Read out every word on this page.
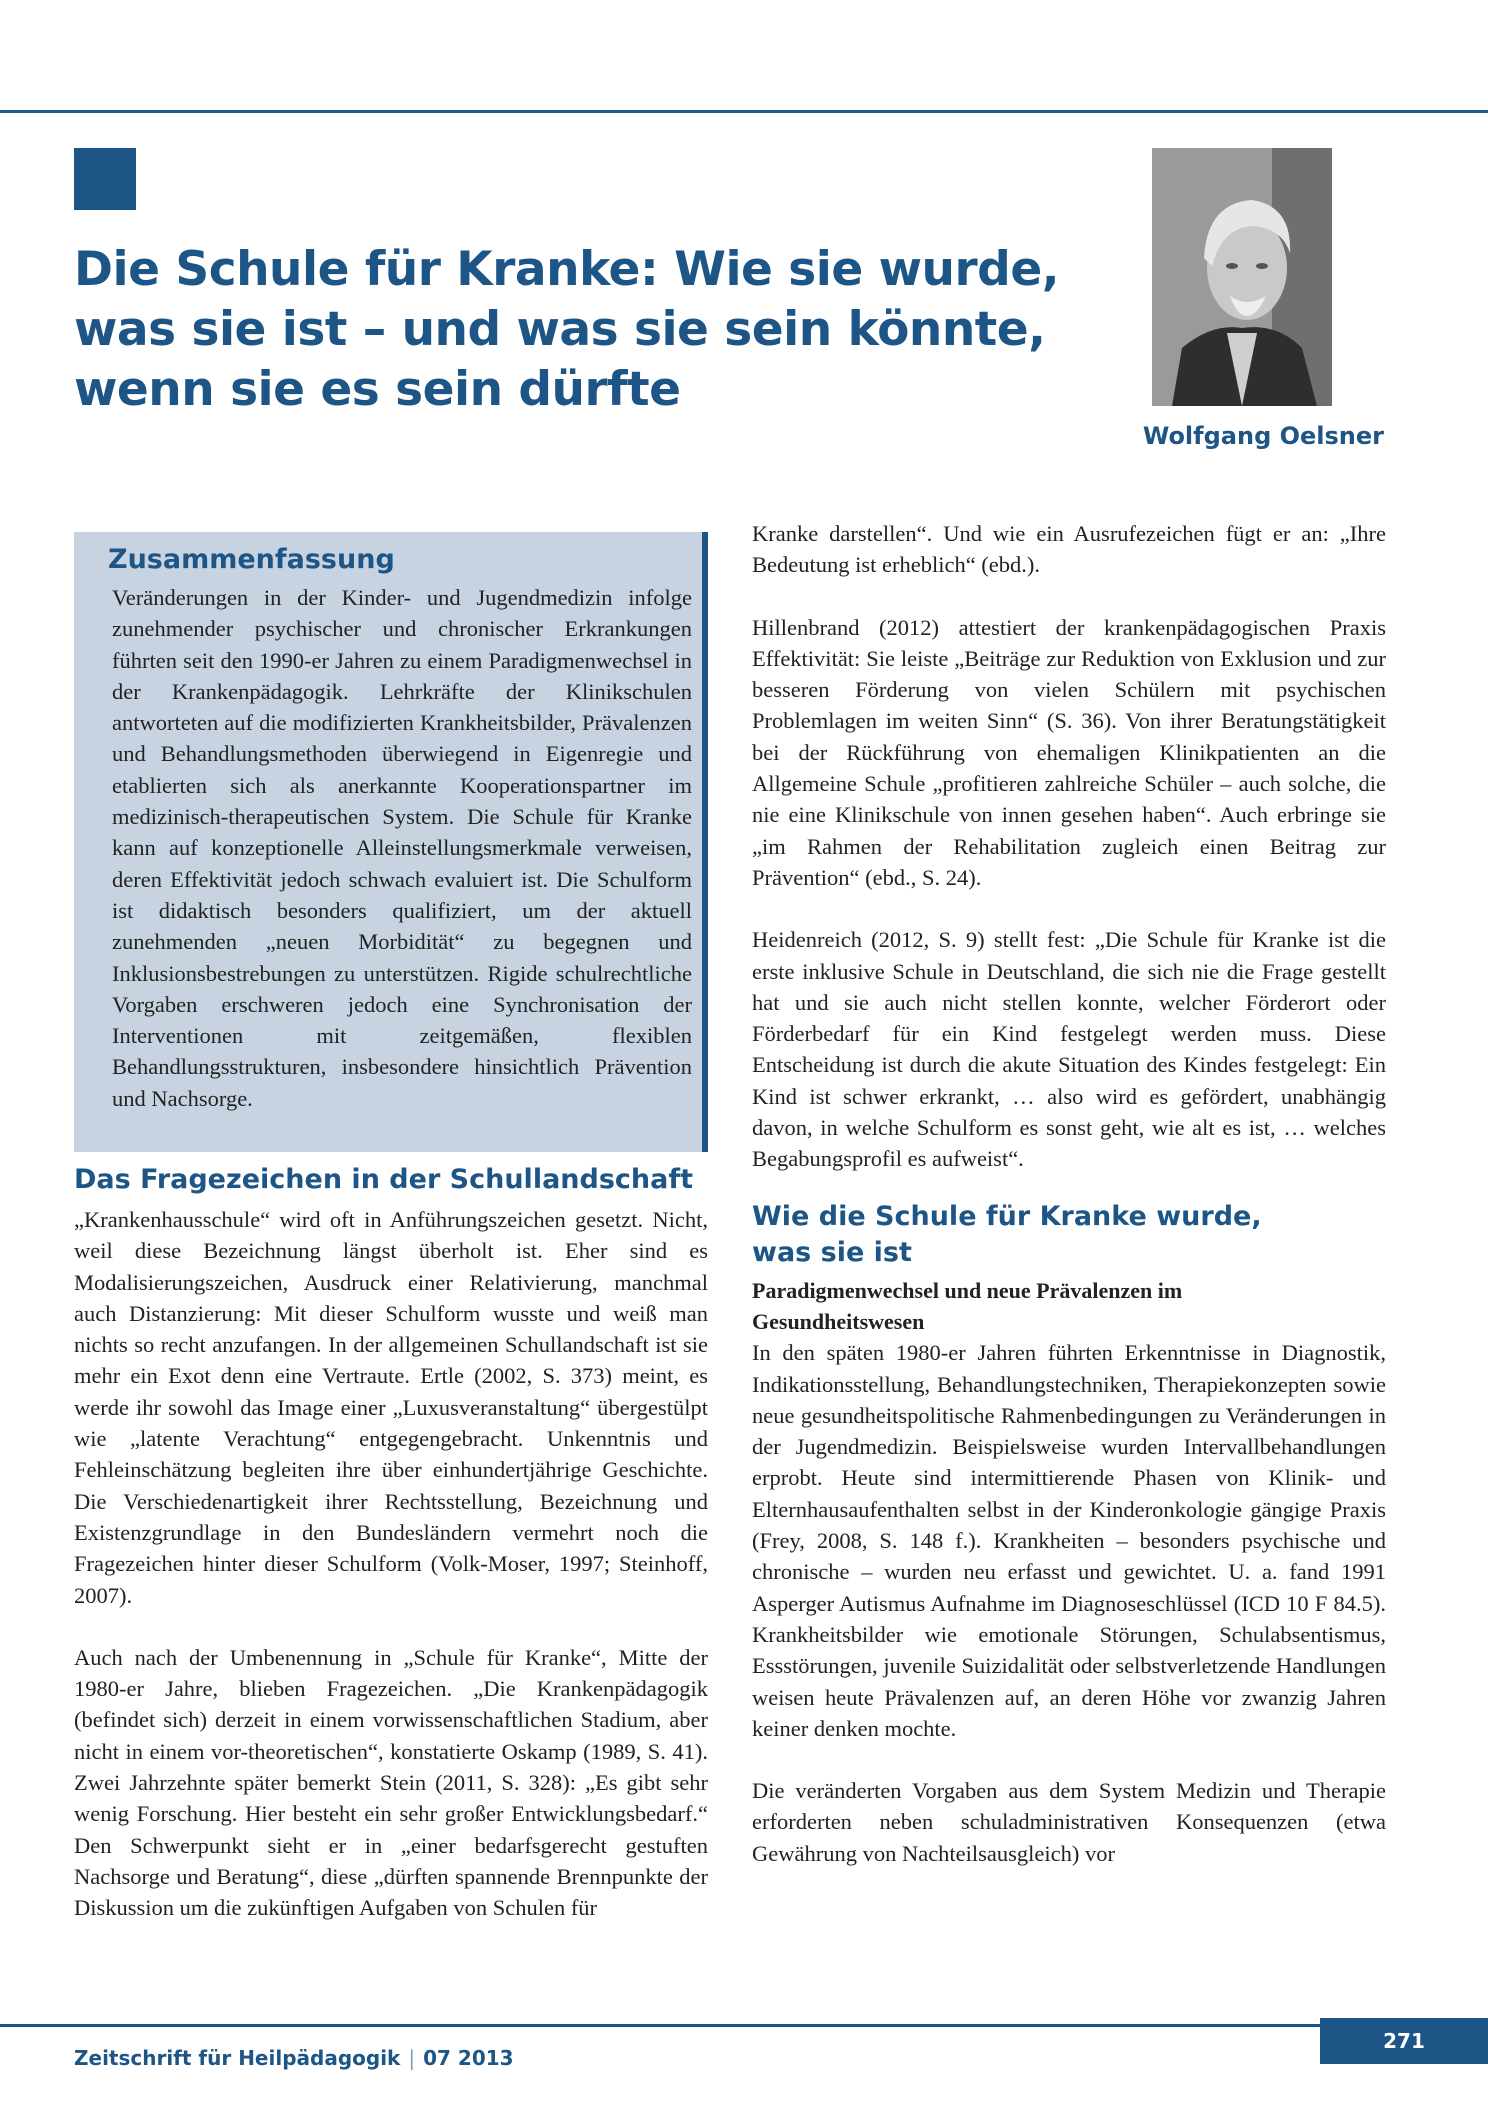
Die Schule für Kranke: Wie sie wurde,
was sie ist – und was sie sein könnte,
wenn sie es sein dürfte
Wolfgang Oelsner
Zusammenfassung

Veränderungen in der Kinder- und Jugendmedizin infolge zunehmender psychischer und chronischer Erkrankungen führten seit den 1990-er Jahren zu einem Paradigmenwechsel in der Krankenpädagogik. Lehrkräfte der Klinikschulen antworteten auf die modifizierten Krankheitsbilder, Prävalenzen und Behandlungsmethoden überwiegend in Eigenregie und etablierten sich als anerkannte Kooperationspartner im medizinisch-therapeutischen System. Die Schule für Kranke kann auf konzeptionelle Alleinstellungsmerkmale verweisen, deren Effektivität jedoch schwach evaluiert ist. Die Schulform ist didaktisch besonders qualifiziert, um der aktuell zunehmenden „neuen Morbidität“ zu begegnen und Inklusionsbestrebungen zu unterstützen. Rigide schulrechtliche Vorgaben erschweren jedoch eine Synchronisation der Interventionen mit zeitgemäßen, flexiblen Behandlungsstrukturen, insbesondere hinsichtlich Prävention und Nachsorge.

Das Fragezeichen in der Schullandschaft

„Krankenhausschule“ wird oft in Anführungszeichen gesetzt. Nicht, weil diese Bezeichnung längst überholt ist. Eher sind es Modalisierungszeichen, Ausdruck einer Relativierung, manchmal auch Distanzierung: Mit dieser Schulform wusste und weiß man nichts so recht anzufangen. In der allgemeinen Schullandschaft ist sie mehr ein Exot denn eine Vertraute. Ertle (2002, S. 373) meint, es werde ihr sowohl das Image einer „Luxusveranstaltung“ übergestülpt wie „latente Verachtung“ entgegengebracht. Unkenntnis und Fehleinschätzung begleiten ihre über einhundertjährige Geschichte. Die Verschiedenartigkeit ihrer Rechtsstellung, Bezeichnung und Existenzgrundlage in den Bundesländern vermehrt noch die Fragezeichen hinter dieser Schulform (Volk-Moser, 1997; Steinhoff, 2007).

Auch nach der Umbenennung in „Schule für Kranke“, Mitte der 1980-er Jahre, blieben Fragezeichen. „Die Krankenpädagogik (befindet sich) derzeit in einem vorwissenschaftlichen Stadium, aber nicht in einem vor-theoretischen“, konstatierte Oskamp (1989, S. 41). Zwei Jahrzehnte später bemerkt Stein (2011, S. 328): „Es gibt sehr wenig Forschung. Hier besteht ein sehr großer Entwicklungsbedarf.“ Den Schwerpunkt sieht er in „einer bedarfsgerecht gestuften Nachsorge und Beratung“, diese „dürften spannende Brennpunkte der Diskussion um die zukünftigen Aufgaben von Schulen für

Kranke darstellen“. Und wie ein Ausrufezeichen fügt er an: „Ihre Bedeutung ist erheblich“ (ebd.).

Hillenbrand (2012) attestiert der krankenpädagogischen Praxis Effektivität: Sie leiste „Beiträge zur Reduktion von Exklusion und zur besseren Förderung von vielen Schülern mit psychischen Problemlagen im weiten Sinn“ (S. 36). Von ihrer Beratungstätigkeit bei der Rückführung von ehemaligen Klinikpatienten an die Allgemeine Schule „profitieren zahlreiche Schüler – auch solche, die nie eine Klinikschule von innen gesehen haben“. Auch erbringe sie „im Rahmen der Rehabilitation zugleich einen Beitrag zur Prävention“ (ebd., S. 24).

Heidenreich (2012, S. 9) stellt fest: „Die Schule für Kranke ist die erste inklusive Schule in Deutschland, die sich nie die Frage gestellt hat und sie auch nicht stellen konnte, welcher Förderort oder Förderbedarf für ein Kind festgelegt werden muss. Diese Entscheidung ist durch die akute Situation des Kindes festgelegt: Ein Kind ist schwer erkrankt, … also wird es gefördert, unabhängig davon, in welche Schulform es sonst geht, wie alt es ist, … welches Begabungsprofil es aufweist“.

Wie die Schule für Kranke wurde,
was sie ist
Paradigmenwechsel und neue Prävalenzen im
Gesundheitswesen

In den späten 1980-er Jahren führten Erkenntnisse in Diagnostik, Indikationsstellung, Behandlungstechniken, Therapiekonzepten sowie neue gesundheitspolitische Rahmenbedingungen zu Veränderungen in der Jugendmedizin. Beispielsweise wurden Intervallbehandlungen erprobt. Heute sind intermittierende Phasen von Klinik- und Elternhausaufenthalten selbst in der Kinderonkologie gängige Praxis (Frey, 2008, S. 148 f.). Krankheiten – besonders psychische und chronische – wurden neu erfasst und gewichtet. U. a. fand 1991 Asperger Autismus Aufnahme im Diagnoseschlüssel (ICD 10 F 84.5). Krankheitsbilder wie emotionale Störungen, Schulabsentismus, Essstörungen, juvenile Suizidalität oder selbstverletzende Handlungen weisen heute Prävalenzen auf, an deren Höhe vor zwanzig Jahren keiner denken mochte.

Die veränderten Vorgaben aus dem System Medizin und Therapie erforderten neben schuladministrativen Konsequenzen (etwa Gewährung von Nachteilsausgleich) vor

Zeitschrift für Heilpädagogik | 07 2013
271
